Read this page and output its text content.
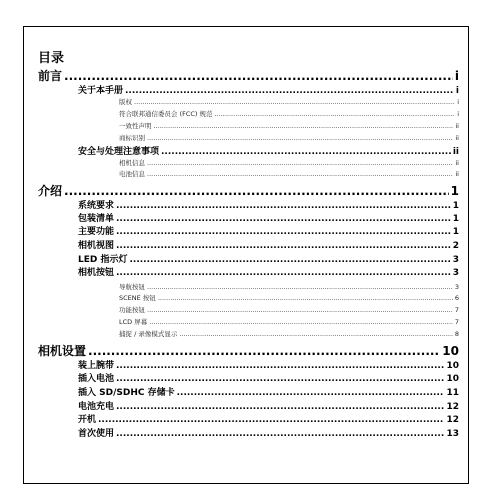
目录
前言 .....	i
关于本手册 .....	i
版权 .....	i
符合联邦通信委员会 (FCC) 规范 .....	i
一致性声明 .....	ii
商标识别 .....	ii
安全与处理注意事项 .....	ii
相机信息 .....	ii
电池信息 .....	ii
介绍 .....	1
系统要求 .....	1
包装清单 .....	1
主要功能 .....	1
相机视图 .....	2
LED 指示灯 .....	3
相机按钮 .....	3
导航按钮 .....	3
SCENE 按钮 .....	6
功能按钮 .....	7
LCD 屏幕 .....	7
捕捉 / 录像模式显示 .....	8
相机设置 .....	10
装上腕带 .....	10
插入电池 .....	10
插入 SD/SDHC 存储卡 .....	11
电池充电 .....	12
开机 .....	12
首次使用 .....	13
